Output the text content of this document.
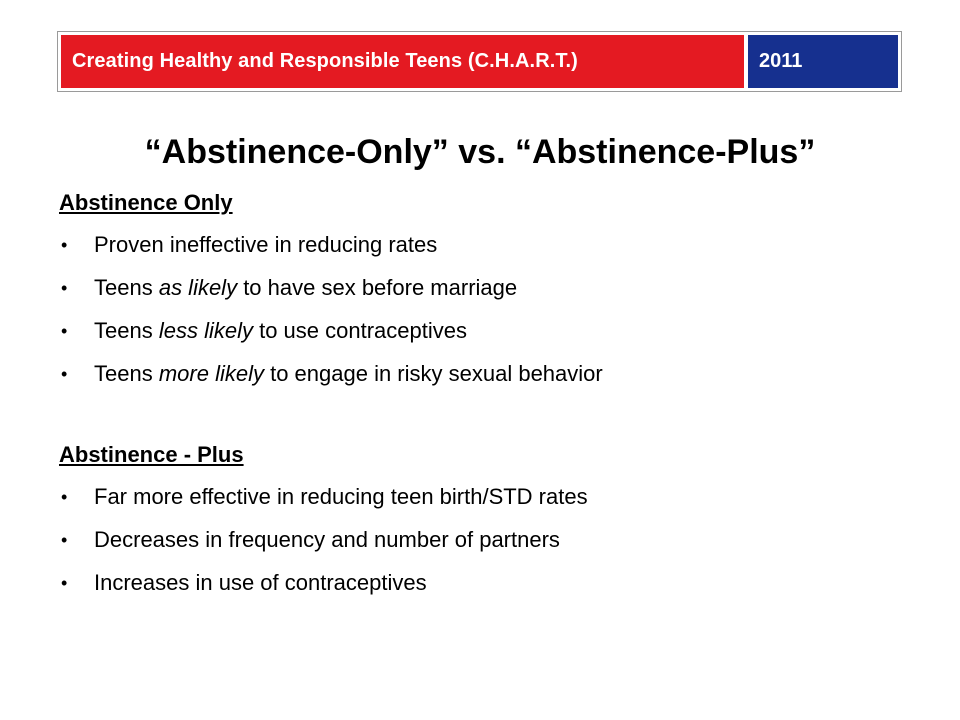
Creating Healthy and Responsible Teens (C.H.A.R.T.)	2011
“Abstinence-Only” vs. “Abstinence-Plus”
Abstinence Only
• Proven ineffective in reducing rates
• Teens as likely to have sex before marriage
• Teens less likely to use contraceptives
• Teens more likely to engage in risky sexual behavior
Abstinence - Plus
• Far more effective in reducing teen birth/STD rates
• Decreases in frequency and number of partners
• Increases in use of contraceptives
